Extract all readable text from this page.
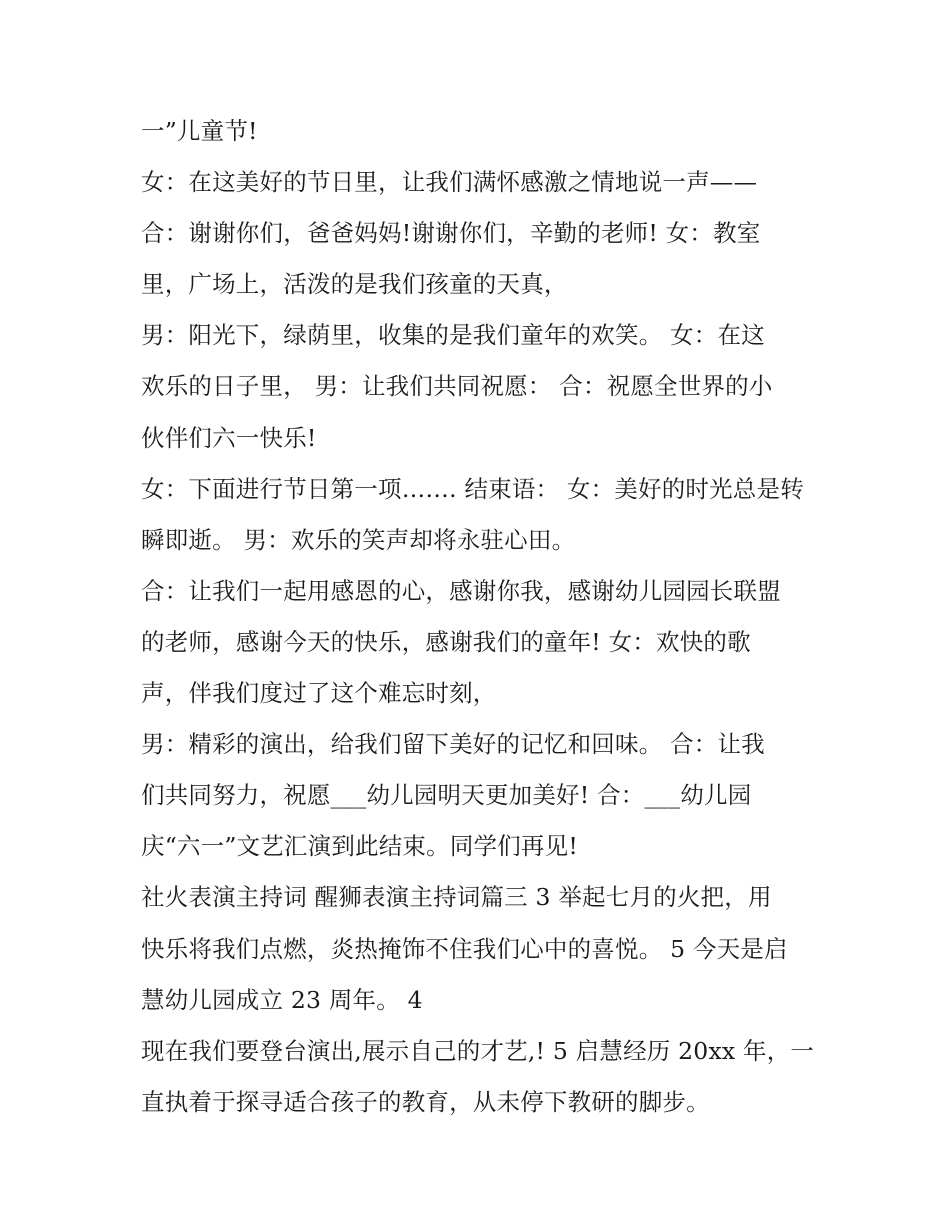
一”儿童节!
女：在这美好的节日里，让我们满怀感激之情地说一声——
合：谢谢你们，爸爸妈妈!谢谢你们，辛勤的老师! 女：教室
里，广场上，活泼的是我们孩童的天真，
男：阳光下，绿荫里，收集的是我们童年的欢笑。 女：在这
欢乐的日子里， 男：让我们共同祝愿： 合：祝愿全世界的小
伙伴们六一快乐!
女：下面进行节日第一项……. 结束语： 女：美好的时光总是转
瞬即逝。 男：欢乐的笑声却将永驻心田。
合：让我们一起用感恩的心，感谢你我，感谢幼儿园园长联盟
的老师，感谢今天的快乐，感谢我们的童年! 女：欢快的歌
声，伴我们度过了这个难忘时刻，
男：精彩的演出，给我们留下美好的记忆和回味。 合：让我
们共同努力，祝愿___幼儿园明天更加美好! 合：___幼儿园
庆“六一”文艺汇演到此结束。同学们再见!
社火表演主持词 醒狮表演主持词篇三 3 举起七月的火把，用
快乐将我们点燃，炎热掩饰不住我们心中的喜悦。 5 今天是启
慧幼儿园成立 23 周年。 4
现在我们要登台演出,展示自己的才艺,! 5 启慧经历 20xx 年，一
直执着于探寻适合孩子的教育，从未停下教研的脚步。
